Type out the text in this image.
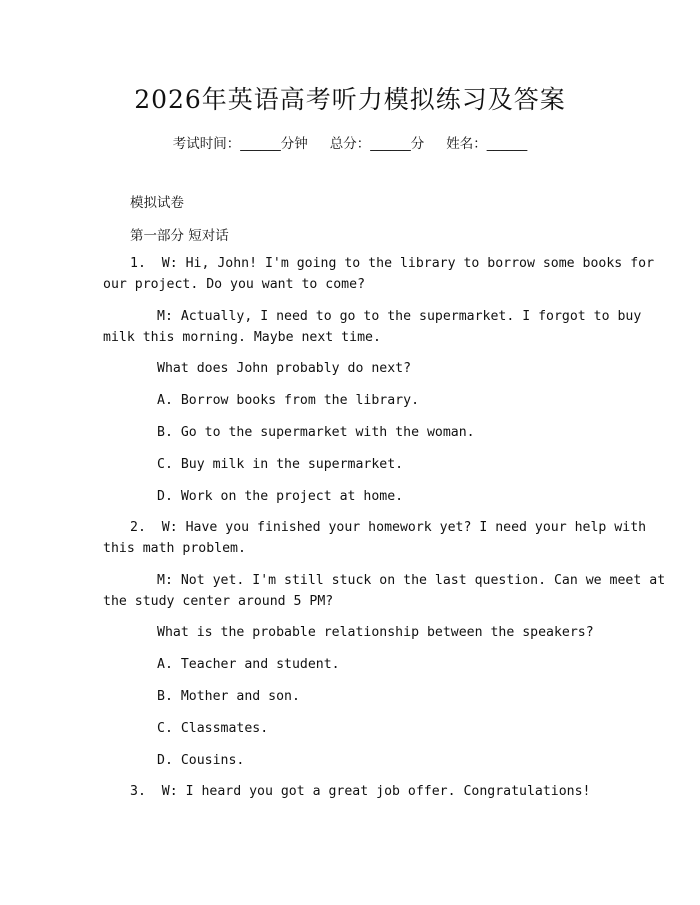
2026年英语高考听力模拟练习及答案
考试时间：______分钟 总分：______分 姓名：______
模拟试卷
第一部分 短对话
1.  W: Hi, John! I'm going to the library to borrow some books for
our project. Do you want to come?
M: Actually, I need to go to the supermarket. I forgot to buy
milk this morning. Maybe next time.
What does John probably do next?
A. Borrow books from the library.
B. Go to the supermarket with the woman.
C. Buy milk in the supermarket.
D. Work on the project at home.
2.  W: Have you finished your homework yet? I need your help with
this math problem.
M: Not yet. I'm still stuck on the last question. Can we meet at
the study center around 5 PM?
What is the probable relationship between the speakers?
A. Teacher and student.
B. Mother and son.
C. Classmates.
D. Cousins.
3.  W: I heard you got a great job offer. Congratulations!
